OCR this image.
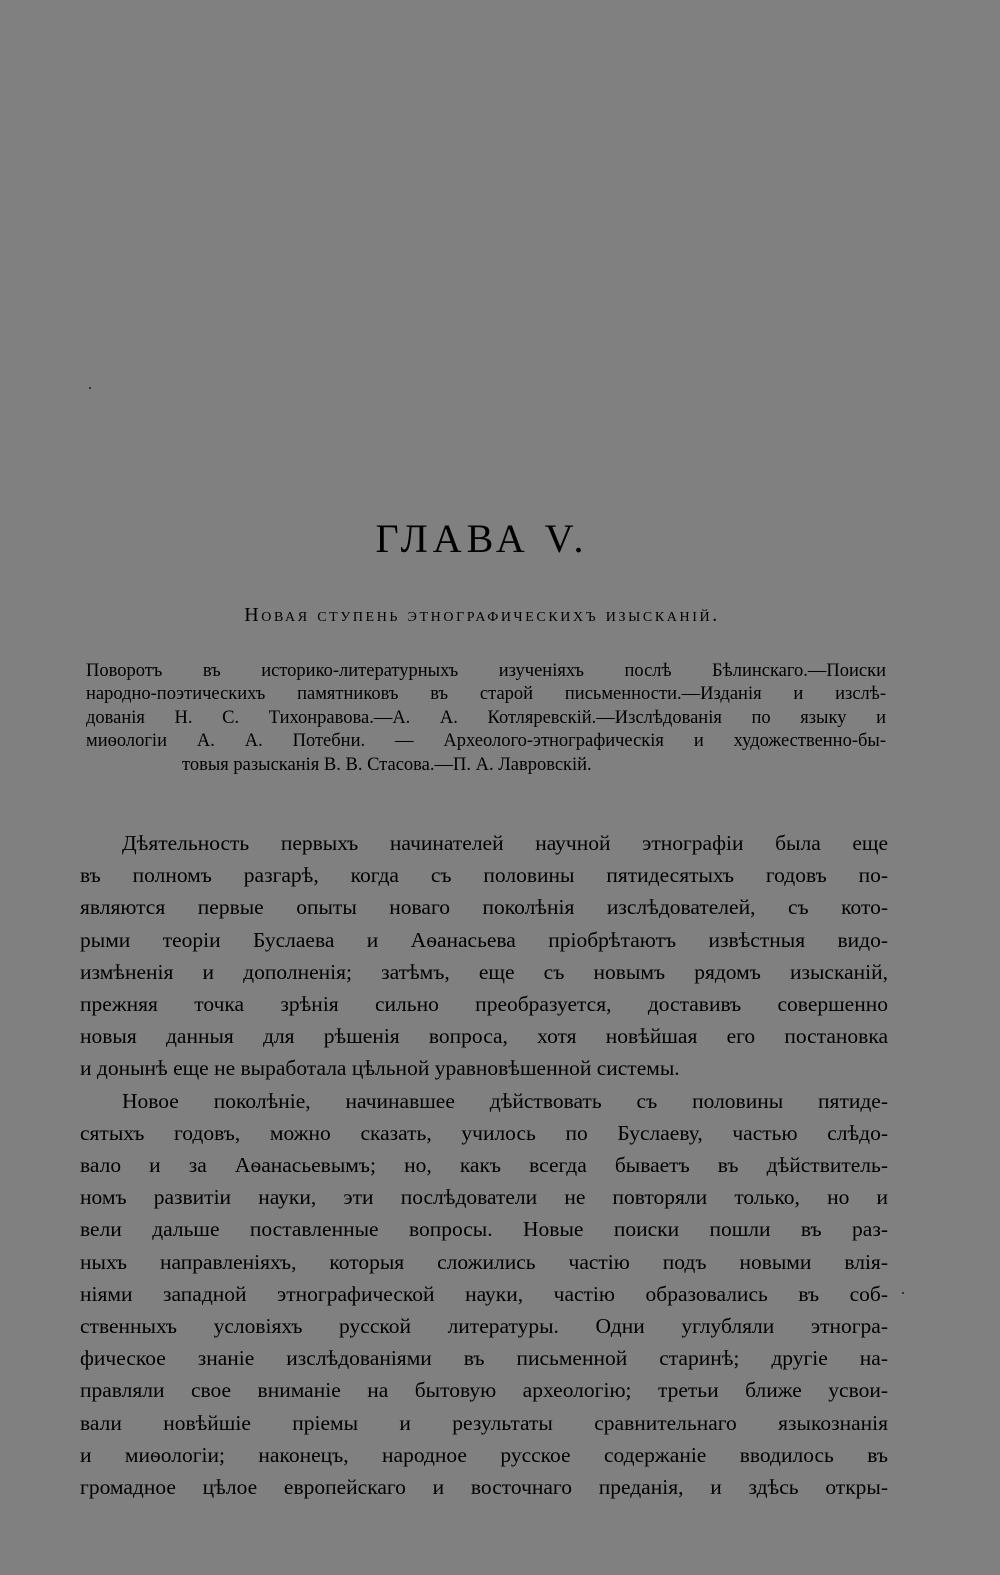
ГЛАВА V.
Новая ступень этнографическихъ изысканій.
Поворотъ въ историко-литературныхъ изученіяхъ послѣ Бѣлинскаго.—Поиски
народно-поэтическихъ памятниковъ въ старой письменности.—Изданія и изслѣ-
дованія Н. С. Тихонравова.—А. А. Котляревскій.—Изслѣдованія по языку и
миѳологіи А. А. Потебни. — Археолого-этнографическія и художественно-бы-
товыя разысканія В. В. Стасова.—П. А. Лавровскій.
Дѣятельность первыхъ начинателей научной этнографіи была еще
въ полномъ разгарѣ, когда съ половины пятидесятыхъ годовъ по-
являются первые опыты новаго поколѣнія изслѣдователей, съ кото-
рыми теоріи Буслаева и Аѳанасьева пріобрѣтаютъ извѣстныя видо-
измѣненія и дополненія; затѣмъ, еще съ новымъ рядомъ изысканій,
прежняя точка зрѣнія сильно преобразуется, доставивъ совершенно
новыя данныя для рѣшенія вопроса, хотя новѣйшая его постановка
и донынѣ еще не выработала цѣльной уравновѣшенной системы.
Новое поколѣніе, начинавшее дѣйствовать съ половины пятиде-
сятыхъ годовъ, можно сказать, училось по Буслаеву, частью слѣдо-
вало и за Аѳанасьевымъ; но, какъ всегда бываетъ въ дѣйствитель-
номъ развитіи науки, эти послѣдователи не повторяли только, но и
вели дальше поставленные вопросы. Новые поиски пошли въ раз-
ныхъ направленіяхъ, которыя сложились частію подъ новыми влія-
ніями западной этнографической науки, частію образовались въ соб-
ственныхъ условіяхъ русской литературы. Одни углубляли этногра-
фическое знаніе изслѣдованіями въ письменной старинѣ; другіе на-
правляли свое вниманіе на бытовую археологію; третьи ближе усвои-
вали новѣйшіе пріемы и результаты сравнительнаго языкознанія
и миѳологіи; наконецъ, народное русское содержаніе вводилось въ
громадное цѣлое европейскаго и восточнаго преданія, и здѣсь откры-
